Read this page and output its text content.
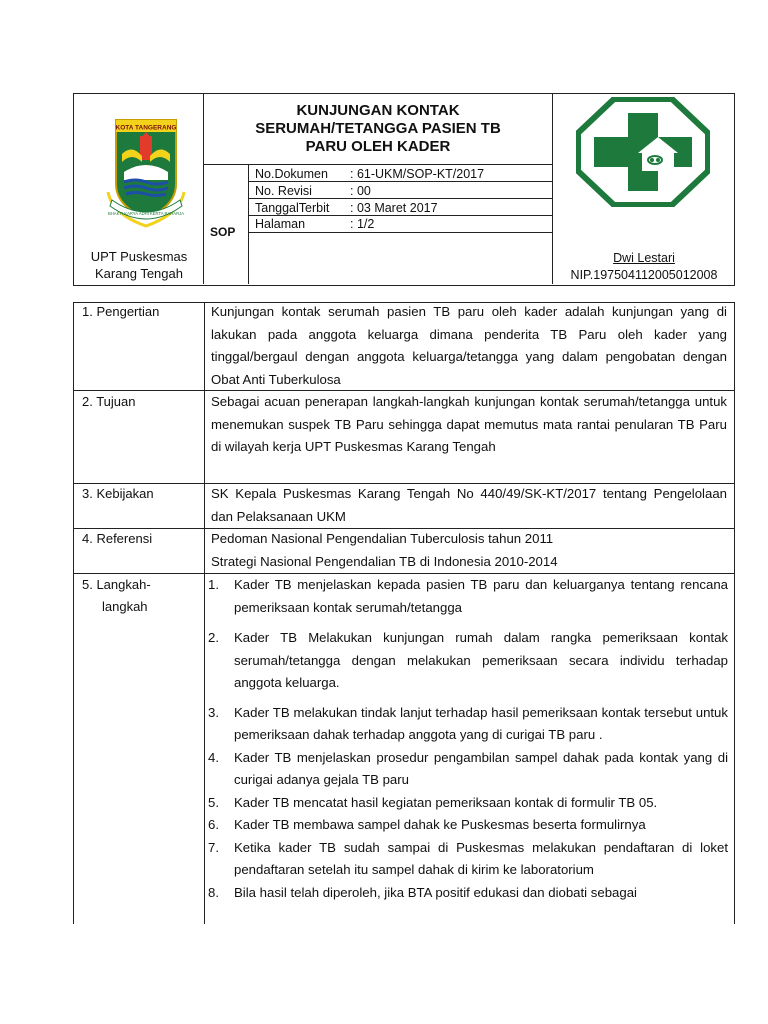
KOTA TANGERANG
BHAKTI KARYA ADHI KERTA RAHARJA
UPT Puskesmas
Karang Tengah
KUNJUNGAN KONTAK
SERUMAH/TETANGGA PASIEN TB
PARU OLEH KADER
SOP
No.Dokumen : 61-UKM/SOP-KT/2017
No. Revisi	: 00
TanggalTerbit : 03 Maret 2017
Halaman	: 1/2
Dwi Lestari
NIP.197504112005012008
1. Pengertian	Kunjungan kontak serumah pasien TB paru oleh kader adalah kunjungan yang di lakukan pada anggota keluarga dimana penderita TB Paru oleh kader yang tinggal/bergaul dengan anggota keluarga/tetangga yang dalam pengobatan dengan Obat Anti Tuberkulosa
2. Tujuan	Sebagai acuan penerapan langkah-langkah kunjungan kontak serumah/tetangga untuk menemukan suspek TB Paru sehingga dapat memutus mata rantai penularan TB Paru di wilayah kerja UPT Puskesmas Karang Tengah
3. Kebijakan	SK Kepala Puskesmas Karang Tengah No 440/49/SK-KT/2017 tentang Pengelolaan dan Pelaksanaan UKM
4. Referensi	Pedoman Nasional Pengendalian Tuberculosis tahun 2011
Strategi Nasional Pengendalian TB di Indonesia 2010-2014
5. Langkah-
langkah
1. Kader TB menjelaskan kepada pasien TB paru dan keluarganya tentang rencana pemeriksaan kontak serumah/tetangga
2. Kader TB Melakukan kunjungan rumah dalam rangka pemeriksaan kontak serumah/tetangga dengan melakukan pemeriksaan secara individu terhadap anggota keluarga.
3. Kader TB melakukan tindak lanjut terhadap hasil pemeriksaan kontak tersebut untuk pemeriksaan dahak terhadap anggota yang di curigai TB paru .
4. Kader TB menjelaskan prosedur pengambilan sampel dahak pada kontak yang di curigai adanya gejala TB paru
5. Kader TB mencatat hasil kegiatan pemeriksaan kontak di formulir TB 05.
6. Kader TB membawa sampel dahak ke Puskesmas beserta formulirnya
7. Ketika kader TB sudah sampai di Puskesmas melakukan pendaftaran di loket pendaftaran setelah itu sampel dahak di kirim ke laboratorium
8. Bila hasil telah diperoleh, jika BTA positif edukasi dan diobati sebagai
